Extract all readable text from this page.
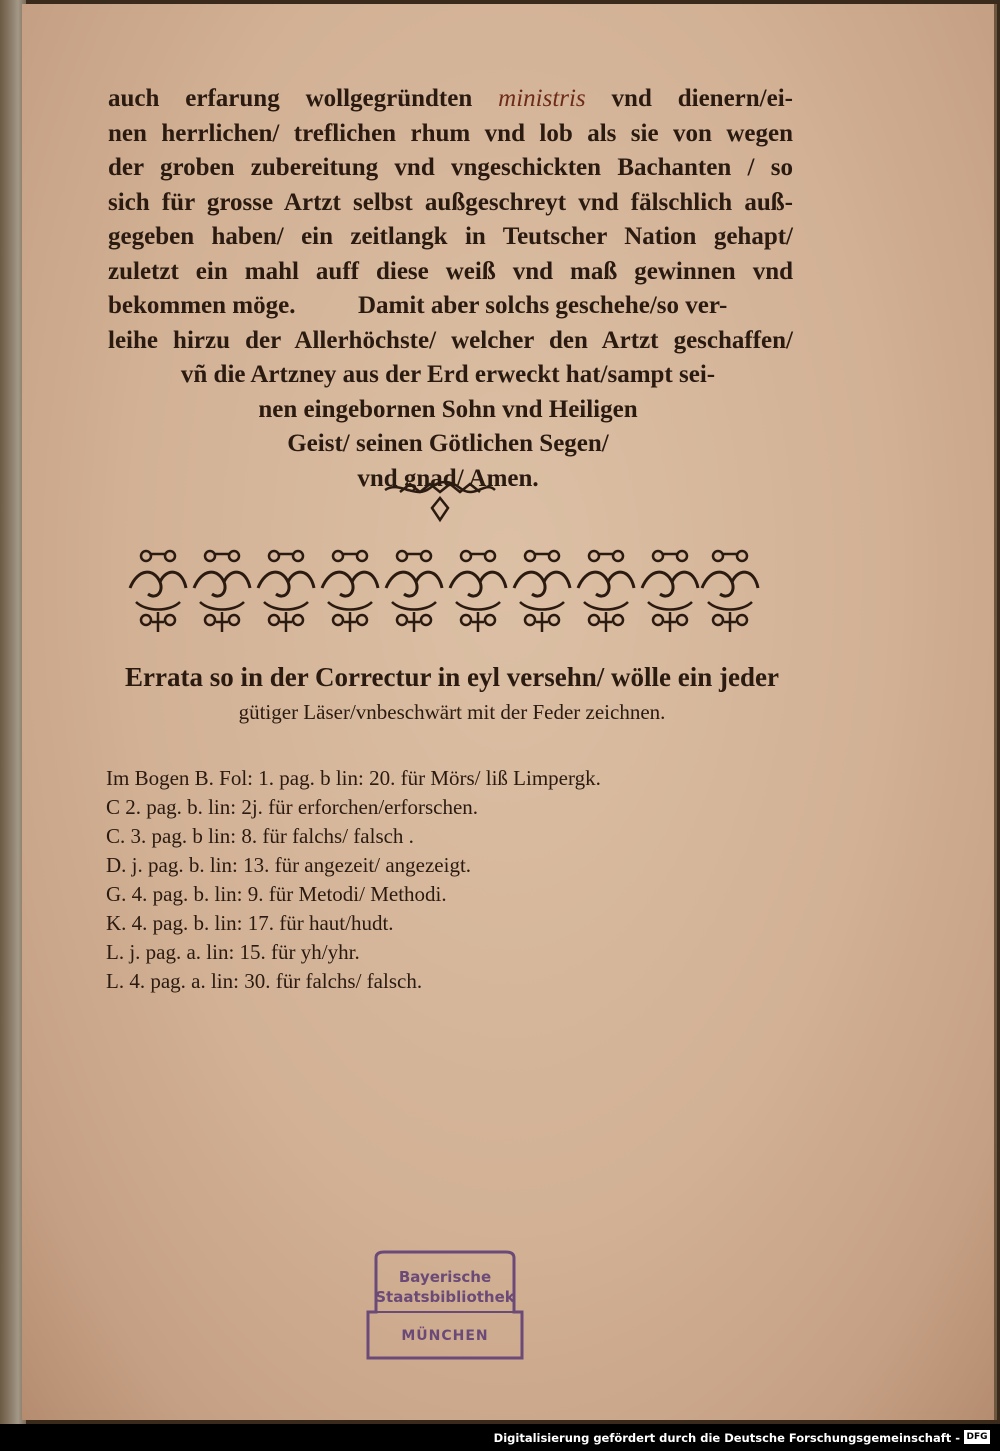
auch erfarung wollgegründten ministris vnd dienern/ei-
nen herrlichen/ treflichen rhum vnd lob als sie von wegen
der groben zubereitung vnd vngeschickten Bachanten / so
sich für grosse Artzt selbst außgeschreyt vnd fälschlich auß-
gegeben haben/ ein zeitlangk in Teutscher Nation gehapt/
zuletzt ein mahl auff diese weiß vnd maß gewinnen vnd
bekommen möge.          Damit aber solchs geschehe/so ver-
leihe hirzu der Allerhöchste/ welcher den Artzt geschaffen/
vñ die Artzney aus der Erd erweckt hat/sampt sei-
nen eingebornen Sohn vnd Heiligen
Geist/ seinen Götlichen Segen/
vnd gnad/ Amen.
Errata so in der Correctur in eyl versehn/ wölle ein jeder
gütiger Läser/vnbeschwärt mit der Feder zeichnen.
Im Bogen B. Fol: 1. pag. b lin: 20. für Mörs/ liß Limpergk.
C 2. pag. b. lin: 2j. für erforchen/erforschen.
C. 3. pag. b lin: 8. für falchs/ falsch .
D. j. pag. b. lin: 13. für angezeit/ angezeigt.
G. 4. pag. b. lin: 9. für Metodi/ Methodi.
K. 4. pag. b. lin: 17. für haut/hudt.
L. j. pag. a. lin: 15. für yh/yhr.
L. 4. pag. a. lin: 30. für falchs/ falsch.
Bayerische
Staatsbibliothek
MÜNCHEN
Digitalisierung gefördert durch die Deutsche Forschungsgemeinschaft - DFG
